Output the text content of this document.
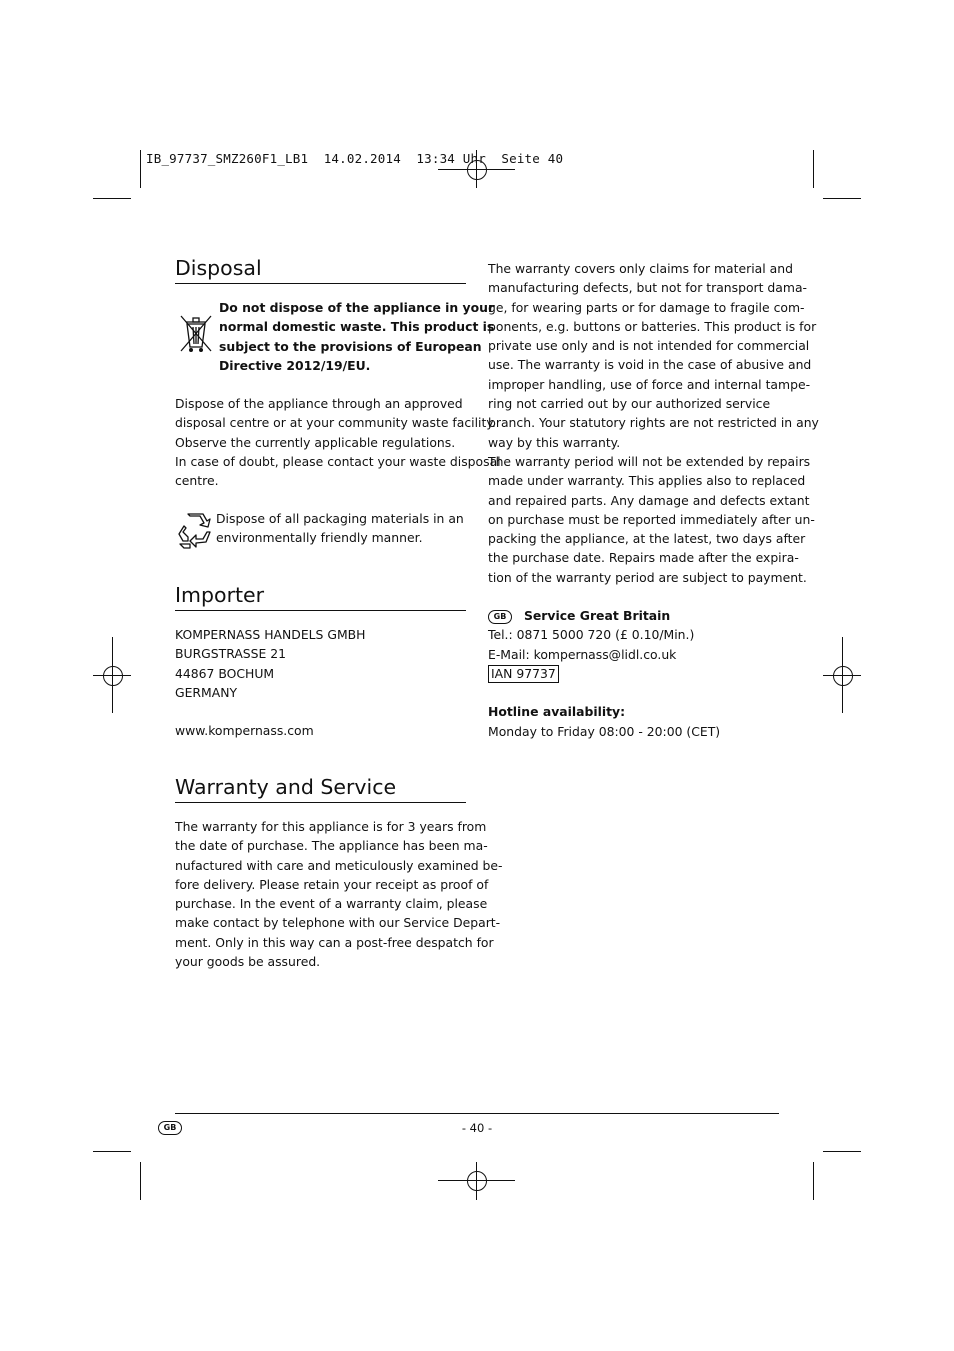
IB_97737_SMZ260F1_LB1  14.02.2014  13:34 Uhr  Seite 40
Disposal
Do not dispose of the appliance in your
normal domestic waste. This product is
subject to the provisions of European
Directive 2012/19/EU.
Dispose of the appliance through an approved
disposal centre or at your community waste facility.
Observe the currently applicable regulations.
In case of doubt, please contact your waste disposal
centre.
Dispose of all packaging materials in an
environmentally friendly manner.
Importer
KOMPERNASS HANDELS GMBH
BURGSTRASSE 21
44867 BOCHUM
GERMANY
www.kompernass.com
Warranty and Service
The warranty for this appliance is for 3 years from
the date of purchase. The appliance has been ma-
nufactured with care and meticulously examined be-
fore delivery. Please retain your receipt as proof of
purchase. In the event of a warranty claim, please
make contact by telephone with our Service Depart-
ment. Only in this way can a post-free despatch for
your goods be assured.
The warranty covers only claims for material and
manufacturing defects, but not for transport dama-
ge, for wearing parts or for damage to fragile com-
ponents, e.g. buttons or batteries. This product is for
private use only and is not intended for commercial
use. The warranty is void in the case of abusive and
improper handling, use of force and internal tampe-
ring not carried out by our authorized service
branch. Your statutory rights are not restricted in any
way by this warranty.
The warranty period will not be extended by repairs
made under warranty. This applies also to replaced
and repaired parts. Any damage and defects extant
on purchase must be reported immediately after un-
packing the appliance, at the latest, two days after
the purchase date. Repairs made after the expira-
tion of the warranty period are subject to payment.
GB Service Great Britain
Tel.: 0871 5000 720 (£ 0.10/Min.)
E-Mail: kompernass@lidl.co.uk
IAN 97737

Hotline availability:
Monday to Friday 08:00 - 20:00 (CET)
GB	- 40 -
